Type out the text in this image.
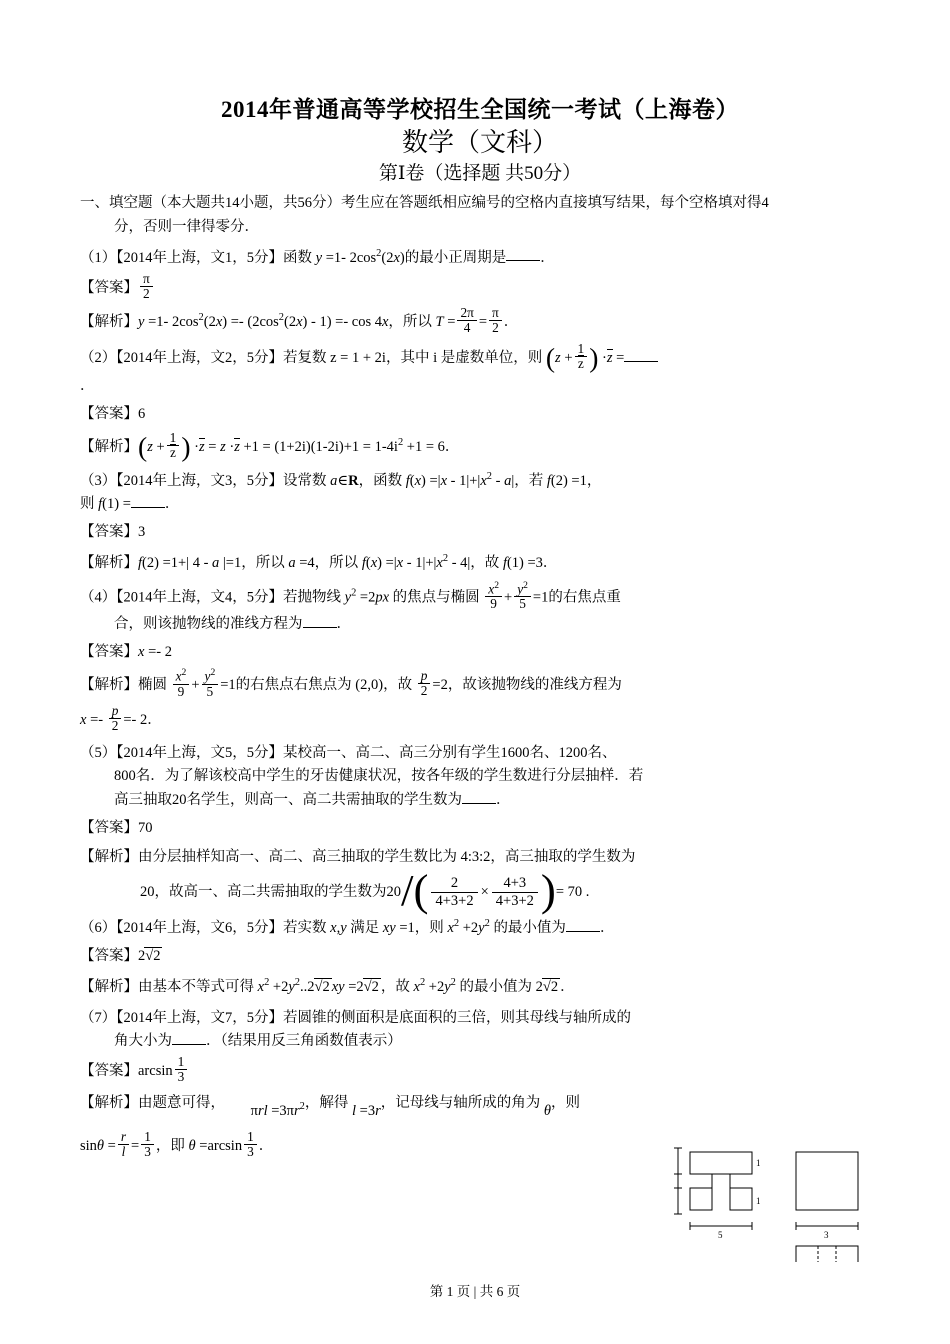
2014年普通高等学校招生全国统一考试（上海卷）
数学（文科）
第Ⅰ卷（选择题 共50分）
一、填空题（本大题共14小题，共56分）考生应在答题纸相应编号的空格内直接填写结果，每个空格填对得4
分，否则一律得零分．
（1）【2014年上海，文1，5分】函数 y =1- $2\cos^2(2x)$的最小正周期是 ．
【答案】 $\frac{\pi}{2}$
【解析】y =1- $2\cos^2(2x) =- (2\cos^2(2x) - 1) =- \cos 4x$，所以 $T = \frac{2\pi}{4} = \frac{\pi}{2}$ ．
（2）【2014年上海，文2，5分】若复数 z = 1 + 2i，其中 i 是虚数单位，则 ($z + \frac{1}{z}$ ) ·z =
．
【答案】6
【解析】($z + \frac{1}{z}$ ) $\cdot z = z \cdot z +1 = (1+2i)(1-2i)+1 = 1-4i^2 +1 = 6$．
（3）【2014年上海，文3，5分】设常数 a∈R，函数 $f(x) =|x - 1|+|x^2 - a|$，若 f(2) =1，
则 f(1) = ．
【答案】3
【解析】f(2) =1+| 4 - a |=1，所以 a =4，所以 $f(x) =|x - 1|+|x^2 - 4|$，故 f(1) =3．
（4）【2014年上海，文4，5分】若抛物线 $y^2 =2px$ 的焦点与椭圆 $\frac{x^2}{9} + \frac{y^2}{5} =1$的右焦点重
合，则该抛物线的准线方程为 ．
【答案】x =- 2
【解析】椭圆 $\frac{x^2}{9} + \frac{y^2}{5} =1$的右焦点右焦点为 (2,0)，故 $\frac{p}{2} =2$，故该抛物线的准线方程为
$x =- \frac{p}{2} =- 2$．
（5）【2014年上海，文5，5分】某校高一、高二、高三分别有学生1600名、1200名、
800名．为了解该校高中学生的牙齿健康状况，按各年级的学生数进行分层抽样．若
高三抽取20名学生，则高一、高二共需抽取的学生数为 ．
【答案】70
【解析】由分层抽样知高一、高二、高三抽取的学生数比为 4:3:2，高三抽取的学生数为
20，故高一、高二共需抽取的学生数为$20/( \frac{2}{4+3+2} \times \frac{4+3}{4+3+2}$ )= 70 .
（6）【2014年上海，文6，5分】若实数 x,y 满足 xy =1，则 $x^2 +2y^2$ 的最小值为 ．
【答案】2√2
【解析】由基本不等式可得 $x^2 +2y^2..2√2$ xy =2√2 ，故 $x^2 +2y^2$ 的最小值为 2√2 ．
（7）【2014年上海，文7，5分】若圆锥的侧面积是底面积的三倍，则其母线与轴所成的
角大小为 ．（结果用反三角函数值表示）
【答案】$\arcsin \frac{1}{3}$
【解析】由题意可得， $\pi rl =3\pi r^2$，解得 l =3r，记母线与轴所成的角为 θ，则
$\sin\theta = \frac{r}{l} = \frac{1}{3}$ ，即 $\theta =\arcsin \frac{1}{3}$ ．
5
1
1
3
第 1 页 | 共 6 页
